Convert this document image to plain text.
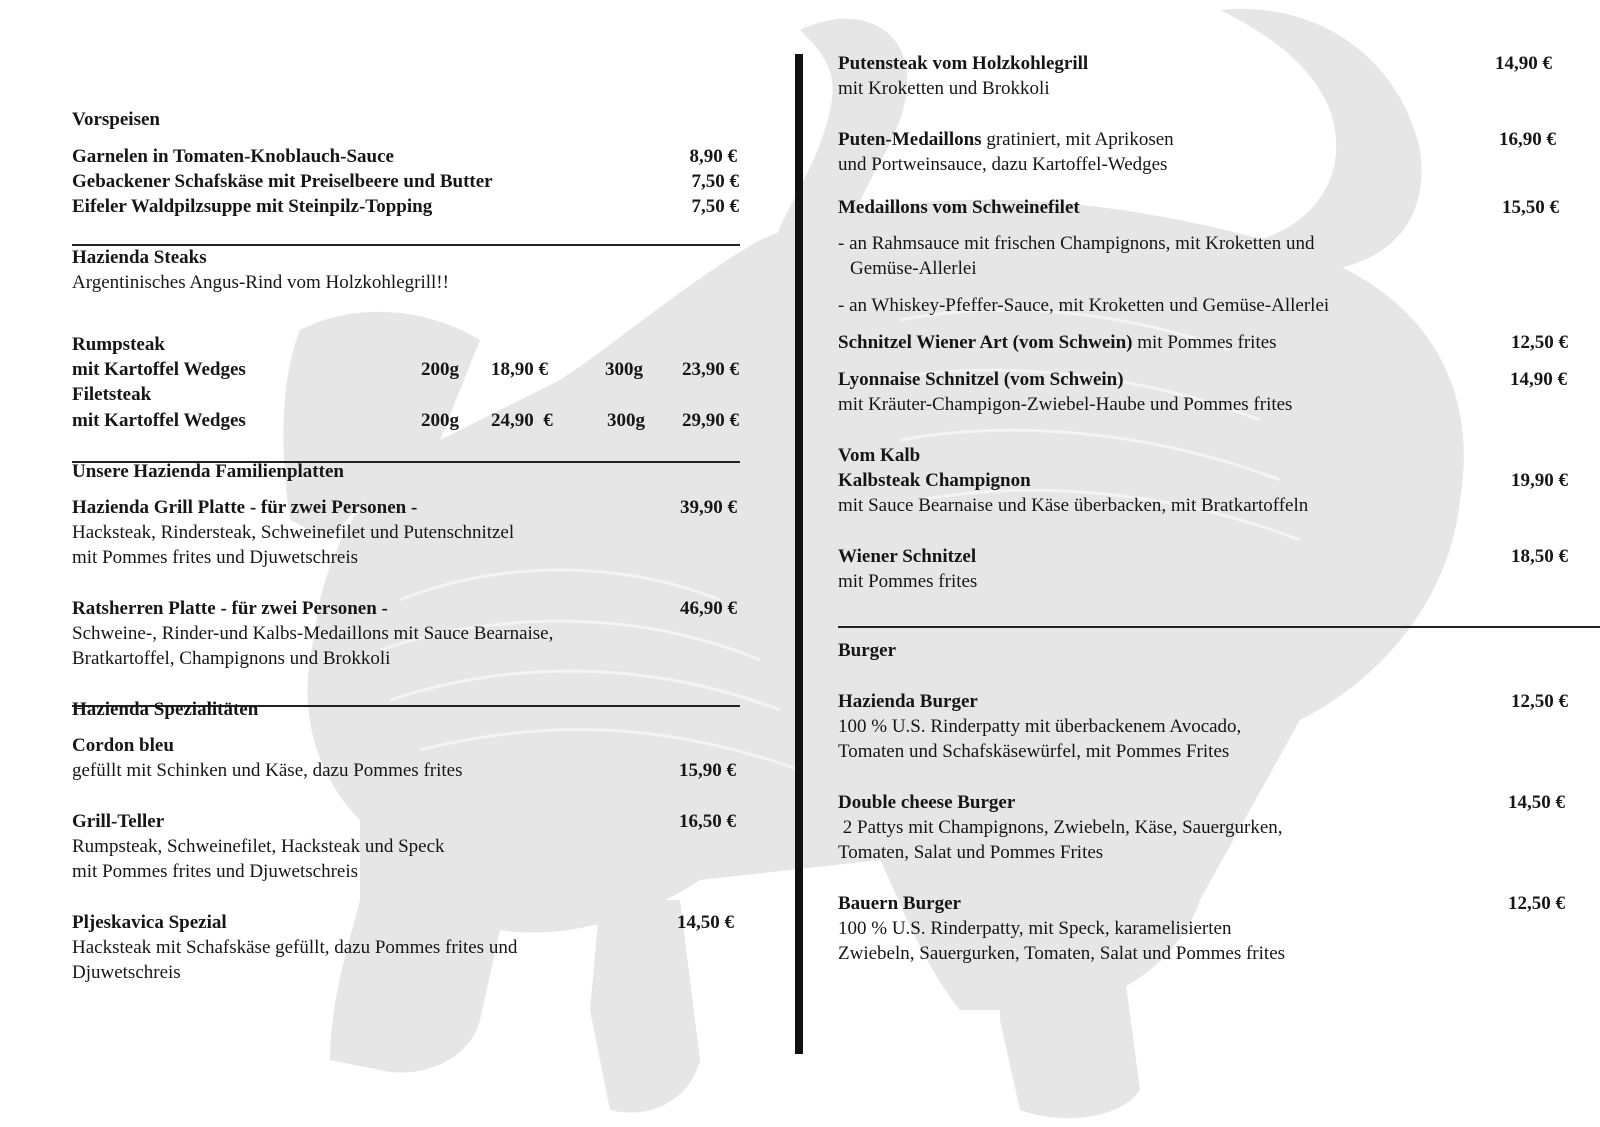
Vorspeisen
Garnelen in Tomaten-Knoblauch-Sauce	8,90 €
Gebackener Schafskäse mit Preiselbeere und Butter	7,50 €
Eifeler Waldpilzsuppe mit Steinpilz-Topping	7,50 €
Hazienda Steaks
Argentinisches Angus-Rind vom Holzkohlegrill!!
Rumpsteak
mit Kartoffel Wedges	200g 18,90 €	300g 23,90 €
Filetsteak
mit Kartoffel Wedges	200g 24,90  €	300g 29,90 €
Unsere Hazienda Familienplatten
Hazienda Grill Platte - für zwei Personen -	39,90 €
Hacksteak, Rindersteak, Schweinefilet und Putenschnitzel
mit Pommes frites und Djuwetschreis
Ratsherren Platte - für zwei Personen -	46,90 €
Schweine-, Rinder-und Kalbs-Medaillons mit Sauce Bearnaise,
Bratkartoffel, Champignons und Brokkoli
Hazienda Spezialitäten
Cordon bleu
gefüllt mit Schinken und Käse, dazu Pommes frites	15,90 €
Grill-Teller	16,50 €
Rumpsteak, Schweinefilet, Hacksteak und Speck
mit Pommes frites und Djuwetschreis
Pljeskavica Spezial	14,50 €
Hacksteak mit Schafskäse gefüllt, dazu Pommes frites und
Djuwetschreis
Putensteak vom Holzkohlegrill	14,90 €
mit Kroketten und Brokkoli
Puten-Medaillons gratiniert, mit Aprikosen	16,90 €
und Portweinsauce, dazu Kartoffel-Wedges
Medaillons vom Schweinefilet	15,50 €
- an Rahmsauce mit frischen Champignons, mit Kroketten und
Gemüse-Allerlei
- an Whiskey-Pfeffer-Sauce, mit Kroketten und Gemüse-Allerlei
Schnitzel Wiener Art (vom Schwein) mit Pommes frites	12,50 €
Lyonnaise Schnitzel (vom Schwein)	14,90 €
mit Kräuter-Champigon-Zwiebel-Haube und Pommes frites
Vom Kalb
Kalbsteak Champignon	19,90 €
mit Sauce Bearnaise und Käse überbacken, mit Bratkartoffeln
Wiener Schnitzel	18,50 €
mit Pommes frites
Burger
Hazienda Burger	12,50 €
100 % U.S. Rinderpatty mit überbackenem Avocado,
Tomaten und Schafskäsewürfel, mit Pommes Frites
Double cheese Burger	14,50 €
2 Pattys mit Champignons, Zwiebeln, Käse, Sauergurken,
Tomaten, Salat und Pommes Frites
Bauern Burger	12,50 €
100 % U.S. Rinderpatty, mit Speck, karamelisierten
Zwiebeln, Sauergurken, Tomaten, Salat und Pommes frites
